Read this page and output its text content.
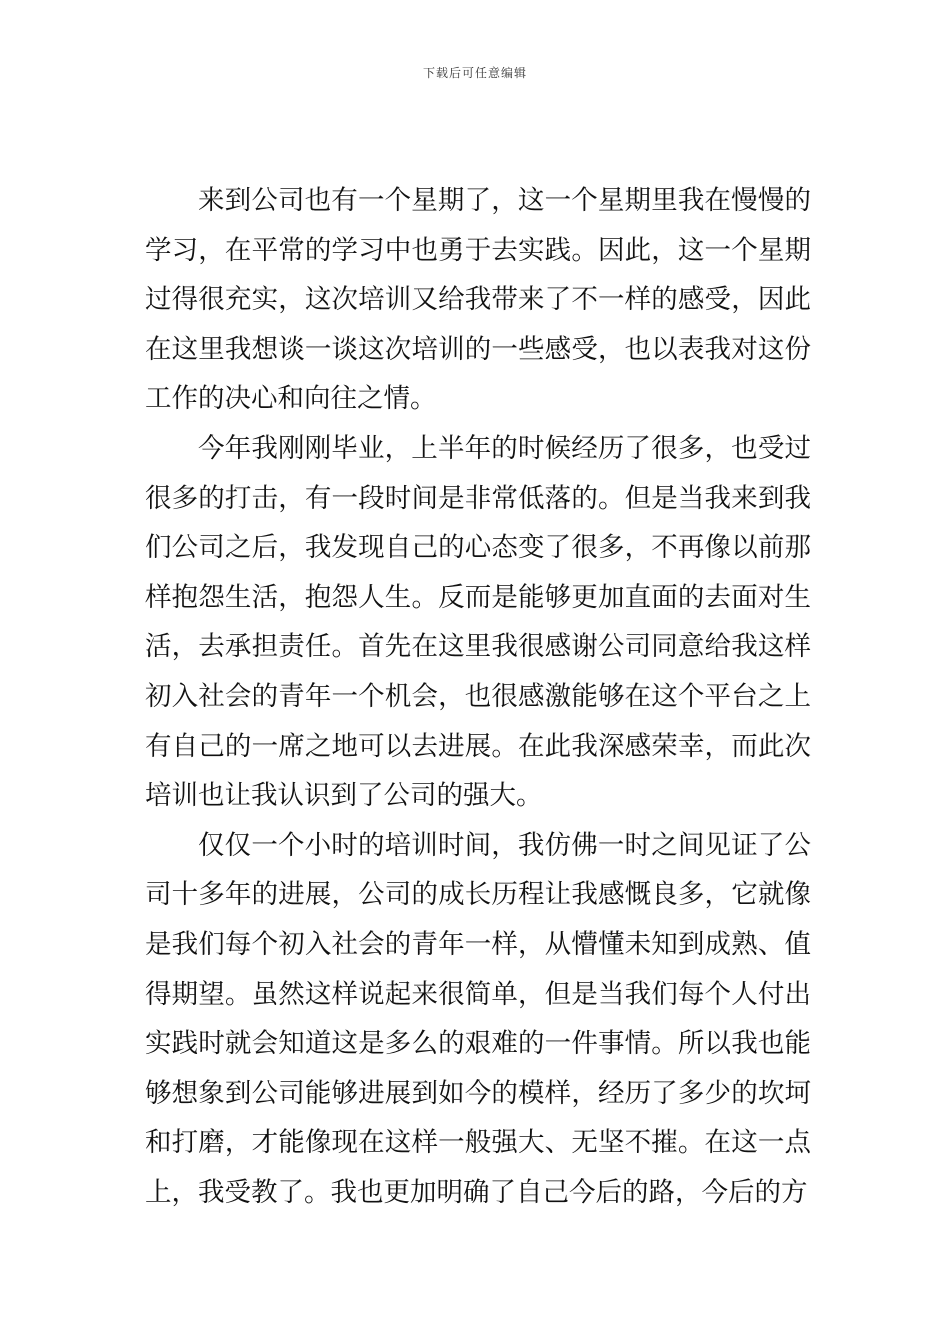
下载后可任意编辑

来到公司也有一个星期了，这一个星期里我在慢慢的学习，在平常的学习中也勇于去实践。因此，这一个星期过得很充实，这次培训又给我带来了不一样的感受，因此在这里我想谈一谈这次培训的一些感受，也以表我对这份工作的决心和向往之情。

今年我刚刚毕业，上半年的时候经历了很多，也受过很多的打击，有一段时间是非常低落的。但是当我来到我们公司之后，我发现自己的心态变了很多，不再像以前那样抱怨生活，抱怨人生。反而是能够更加直面的去面对生活，去承担责任。首先在这里我很感谢公司同意给我这样初入社会的青年一个机会，也很感激能够在这个平台之上有自己的一席之地可以去进展。在此我深感荣幸，而此次培训也让我认识到了公司的强大。

仅仅一个小时的培训时间，我仿佛一时之间见证了公司十多年的进展，公司的成长历程让我感慨良多，它就像是我们每个初入社会的青年一样，从懵懂未知到成熟、值得期望。虽然这样说起来很简单，但是当我们每个人付出实践时就会知道这是多么的艰难的一件事情。所以我也能够想象到公司能够进展到如今的模样，经历了多少的坎坷和打磨，才能像现在这样一般强大、无坚不摧。在这一点上，我受教了。我也更加明确了自己今后的路，今后的方
